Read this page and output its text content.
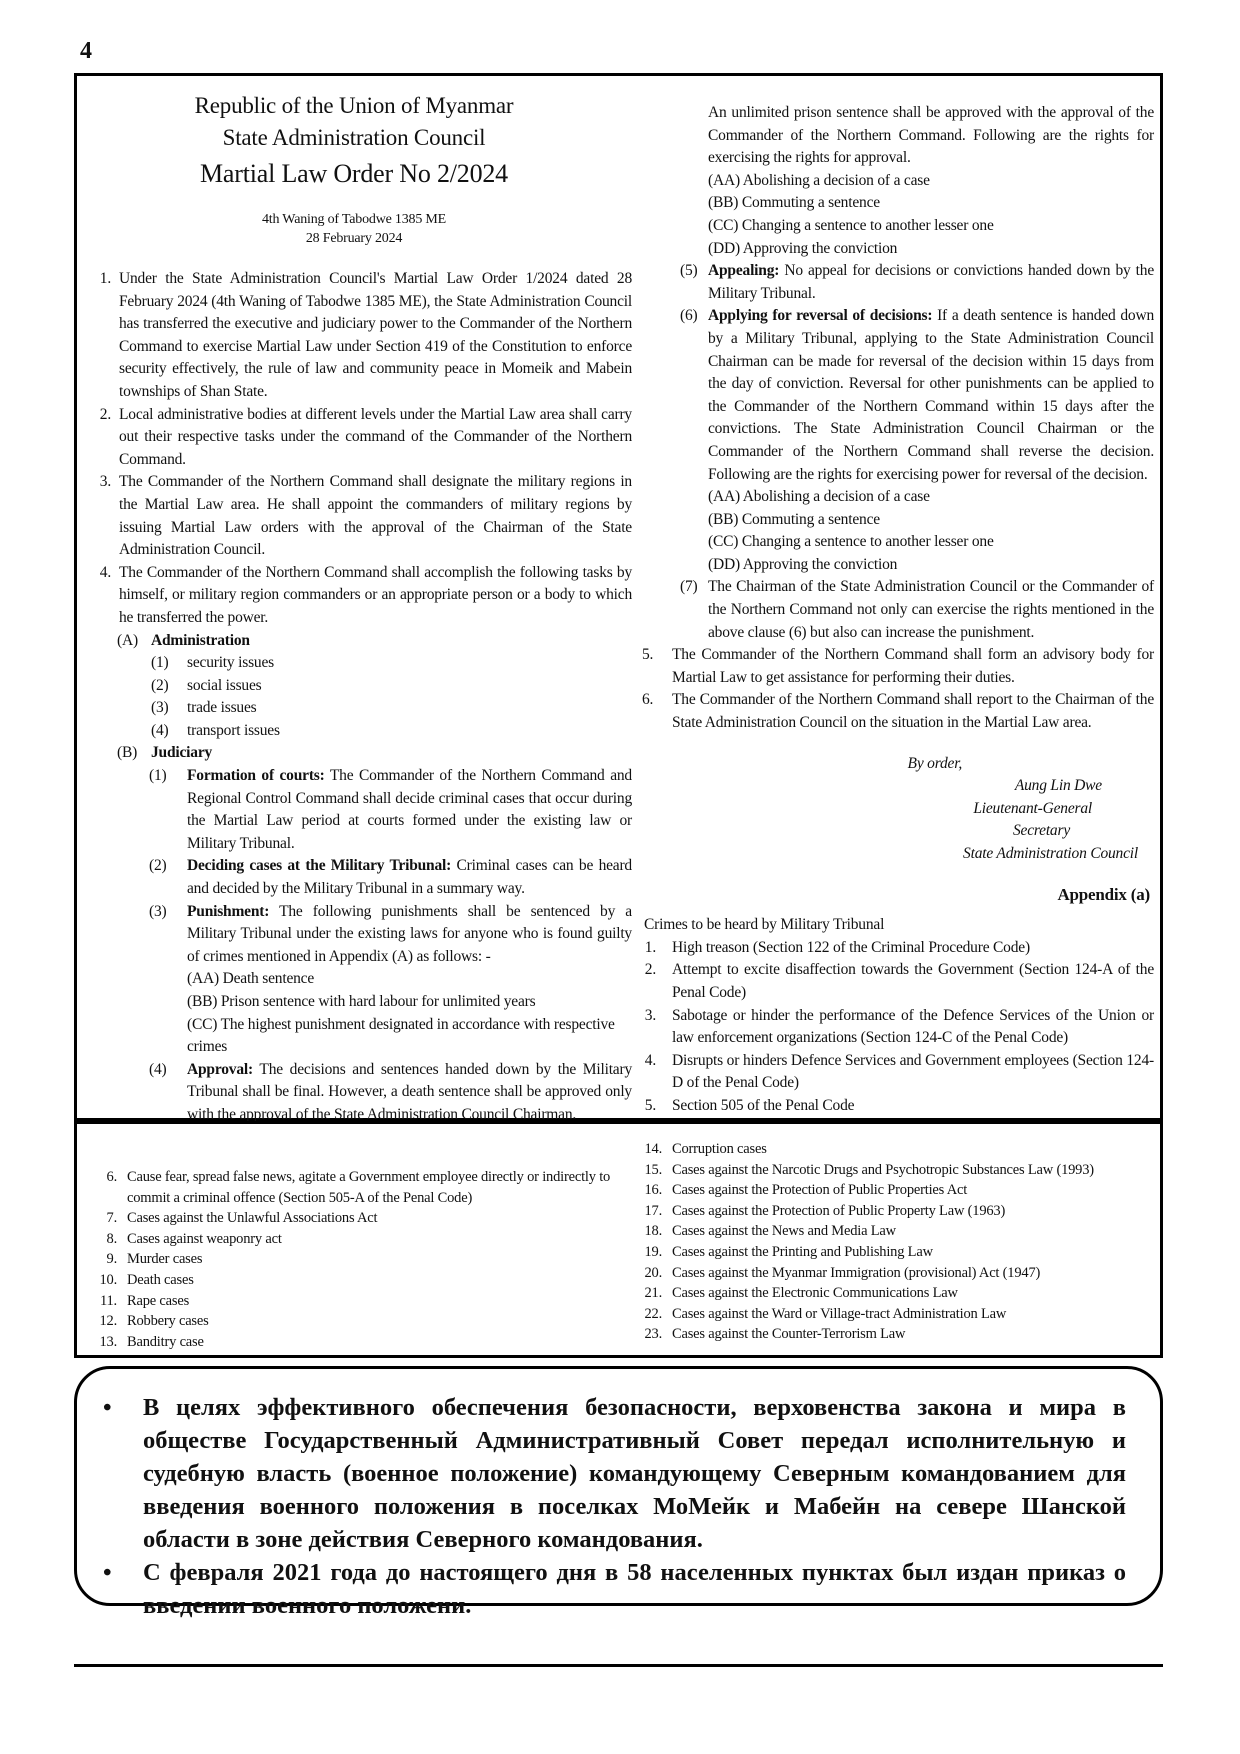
4
Republic of the Union of Myanmar
State Administration Council
Martial Law Order No 2/2024
4th Waning of Tabodwe 1385 ME
28 February 2024
1. Under the State Administration Council's Martial Law Order 1/2024 dated 28 February 2024 (4th Waning of Tabodwe 1385 ME), the State Administration Council has transferred the executive and judiciary power to the Commander of the Northern Command to exercise Martial Law under Section 419 of the Constitution to enforce security effectively, the rule of law and community peace in Momeik and Mabein townships of Shan State.
2. Local administrative bodies at different levels under the Martial Law area shall carry out their respective tasks under the command of the Commander of the Northern Command.
3. The Commander of the Northern Command shall designate the military regions in the Martial Law area. He shall appoint the commanders of military regions by issuing Martial Law orders with the approval of the Chairman of the State Administration Council.
4. The Commander of the Northern Command shall accomplish the following tasks by himself, or military region commanders or an appropriate person or a body to which he transferred the power.
(A) Administration
(1) security issues
(2) social issues
(3) trade issues
(4) transport issues
(B) Judiciary
(1) Formation of courts: The Commander of the Northern Command and Regional Control Command shall decide criminal cases that occur during the Martial Law period at courts formed under the existing law or Military Tribunal.
(2) Deciding cases at the Military Tribunal: Criminal cases can be heard and decided by the Military Tribunal in a summary way.
(3) Punishment: The following punishments shall be sentenced by a Military Tribunal under the existing laws for anyone who is found guilty of crimes mentioned in Appendix (A) as follows: -
(AA) Death sentence
(BB) Prison sentence with hard labour for unlimited years
(CC) The highest punishment designated in accordance with respective crimes
(4) Approval: The decisions and sentences handed down by the Military Tribunal shall be final. However, a death sentence shall be approved only with the approval of the State Administration Council Chairman.
An unlimited prison sentence shall be approved with the approval of the Commander of the Northern Command. Following are the rights for exercising the rights for approval.
(AA) Abolishing a decision of a case
(BB) Commuting a sentence
(CC) Changing a sentence to another lesser one
(DD) Approving the conviction
(5) Appealing: No appeal for decisions or convictions handed down by the Military Tribunal.
(6) Applying for reversal of decisions: If a death sentence is handed down by a Military Tribunal, applying to the State Administration Council Chairman can be made for reversal of the decision within 15 days from the day of conviction. Reversal for other punishments can be applied to the Commander of the Northern Command within 15 days after the convictions. The State Administration Council Chairman or the Commander of the Northern Command shall reverse the decision. Following are the rights for exercising power for reversal of the decision.
(AA) Abolishing a decision of a case
(BB) Commuting a sentence
(CC) Changing a sentence to another lesser one
(DD) Approving the conviction
(7) The Chairman of the State Administration Council or the Commander of the Northern Command not only can exercise the rights mentioned in the above clause (6) but also can increase the punishment.
5. The Commander of the Northern Command shall form an advisory body for Martial Law to get assistance for performing their duties.
6. The Commander of the Northern Command shall report to the Chairman of the State Administration Council on the situation in the Martial Law area.
By order,
Aung Lin Dwe
Lieutenant-General
Secretary
State Administration Council
Appendix (a)
Crimes to be heard by Military Tribunal
1. High treason (Section 122 of the Criminal Procedure Code)
2. Attempt to excite disaffection towards the Government (Section 124-A of the Penal Code)
3. Sabotage or hinder the performance of the Defence Services of the Union or law enforcement organizations (Section 124-C of the Penal Code)
4. Disrupts or hinders Defence Services and Government employees (Section 124-D of the Penal Code)
5. Section 505 of the Penal Code
6. Cause fear, spread false news, agitate a Government employee directly or indirectly to commit a criminal offence (Section 505-A of the Penal Code)
7. Cases against the Unlawful Associations Act
8. Cases against weaponry act
9. Murder cases
10. Death cases
11. Rape cases
12. Robbery cases
13. Banditry case
14. Corruption cases
15. Cases against the Narcotic Drugs and Psychotropic Substances Law (1993)
16. Cases against the Protection of Public Properties Act
17. Cases against the Protection of Public Property Law (1963)
18. Cases against the News and Media Law
19. Cases against the Printing and Publishing Law
20. Cases against the Myanmar Immigration (provisional) Act (1947)
21. Cases against the Electronic Communications Law
22. Cases against the Ward or Village-tract Administration Law
23. Cases against the Counter-Terrorism Law
• В целях эффективного обеспечения безопасности, верховенства закона и мира в обществе Государственный Административный Совет передал исполнительную и судебную власть (военное положение) командующему Северным командованием для введения военного положения в поселках МоМейк и Мабейн на севере Шанской области в зоне действия Северного командования.
• С февраля 2021 года до настоящего дня в 58 населенных пунктах был издан приказ о введении военного положени.
